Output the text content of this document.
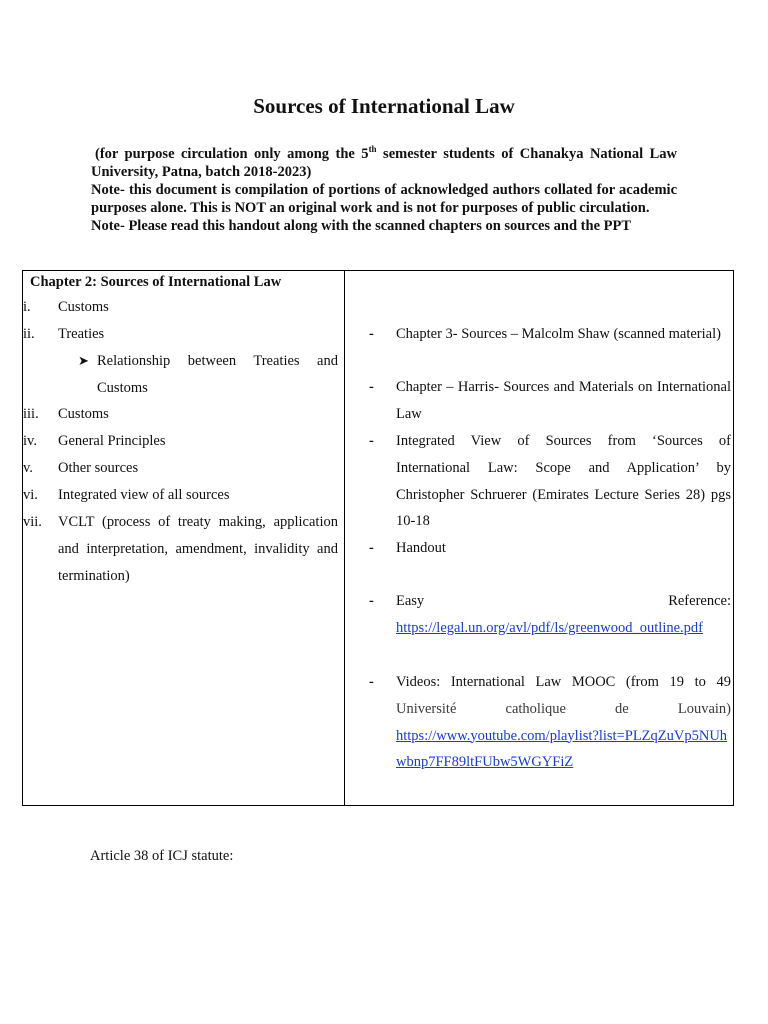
Sources of International Law

(for purpose circulation only among the 5th semester students of Chanakya National Law University, Patna, batch 2018-2023)

Note- this document is compilation of portions of acknowledged authors collated for academic purposes alone. This is NOT an original work and is not for purposes of public circulation.

Note- Please read this handout along with the scanned chapters on sources and the PPT

Chapter 2: Sources of International Law
i.	Customs
ii.	Treaties
➤ Relationship between Treaties and
Customs
iii.	Customs
iv.	General Principles
v.	Other sources
vi.	Integrated view of all sources
vii.	VCLT (process of treaty making, application and interpretation, amendment, invalidity and termination)
- Chapter 3- Sources – Malcolm Shaw (scanned material)
- Chapter – Harris- Sources and Materials on International Law
- Integrated View of Sources from ‘Sources of International Law: Scope and Application’ by Christopher Schruerer (Emirates Lecture Series 28) pgs 10-18
- Handout
- Easy	Reference:
https://legal.un.org/avl/pdf/ls/greenwood_outline.pdf
- Videos: International Law MOOC (from 19 to 49
Université catholique de Louvain)
https://www.youtube.com/playlist?list=PLZqZuVp5NUhwbnp7FF89ltFUbw5WGYFiZ
Article 38 of ICJ statute:
